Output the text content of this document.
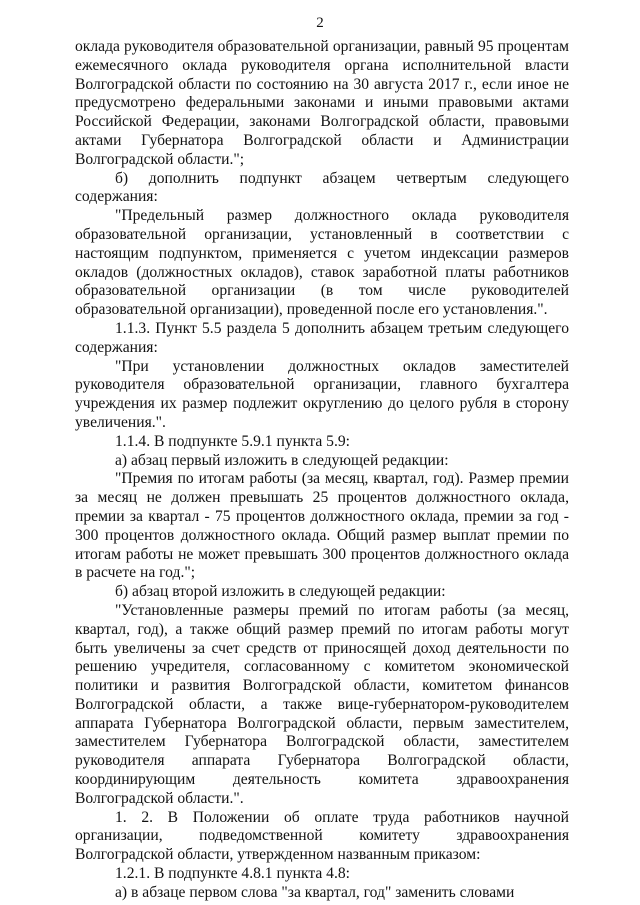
2

оклада руководителя образовательной организации, равный 95 процентам ежемесячного оклада руководителя органа исполнительной власти Волгоградской области по состоянию на 30 августа 2017 г., если иное не предусмотрено федеральными законами и иными правовыми актами Российской Федерации, законами Волгоградской области, правовыми актами Губернатора Волгоградской области и Администрации Волгоградской области.";

б) дополнить подпункт абзацем четвертым следующего содержания:

"Предельный размер должностного оклада руководителя образовательной организации, установленный в соответствии с настоящим подпунктом, применяется с учетом индексации размеров окладов (должностных окладов), ставок заработной платы работников образовательной организации (в том числе руководителей образовательной организации), проведенной после его установления.".

1.1.3. Пункт 5.5 раздела 5 дополнить абзацем третьим следующего содержания:

"При установлении должностных окладов заместителей руководителя образовательной организации, главного бухгалтера учреждения их размер подлежит округлению до целого рубля в сторону увеличения.".

1.1.4. В подпункте 5.9.1 пункта 5.9:

а) абзац первый изложить в следующей редакции:

"Премия по итогам работы (за месяц, квартал, год). Размер премии за месяц не должен превышать 25 процентов должностного оклада, премии за квартал - 75 процентов должностного оклада, премии за год - 300 процентов должностного оклада. Общий размер выплат премии по итогам работы не может превышать 300 процентов должностного оклада в расчете на год.";

б) абзац второй изложить в следующей редакции:

"Установленные размеры премий по итогам работы (за месяц, квартал, год), а также общий размер премий по итогам работы могут быть увеличены за счет средств от приносящей доход деятельности по решению учредителя, согласованному с комитетом экономической политики и развития Волгоградской области, комитетом финансов Волгоградской области, а также вице-губернатором-руководителем аппарата Губернатора Волгоградской области, первым заместителем, заместителем Губернатора Волгоградской области, заместителем руководителя аппарата Губернатора Волгоградской области, координирующим деятельность комитета здравоохранения Волгоградской области.".

1. 2. В Положении об оплате труда работников научной организации, подведомственной комитету здравоохранения Волгоградской области, утвержденном названным приказом:

1.2.1. В подпункте 4.8.1 пункта 4.8:

а) в абзаце первом слова "за квартал, год" заменить словами
